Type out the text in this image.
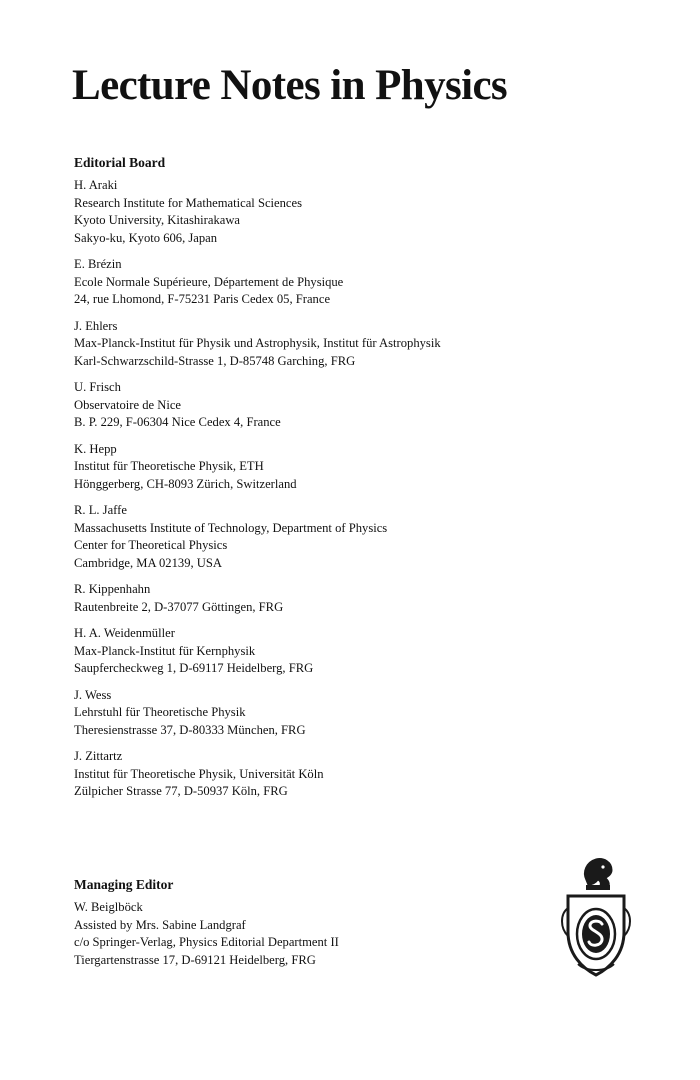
Lecture Notes in Physics
Editorial Board
H. Araki
Research Institute for Mathematical Sciences
Kyoto University, Kitashirakawa
Sakyo-ku, Kyoto 606, Japan
E. Brézin
Ecole Normale Supérieure, Département de Physique
24, rue Lhomond, F-75231 Paris Cedex 05, France
J. Ehlers
Max-Planck-Institut für Physik und Astrophysik, Institut für Astrophysik
Karl-Schwarzschild-Strasse 1, D-85748 Garching, FRG
U. Frisch
Observatoire de Nice
B. P. 229, F-06304 Nice Cedex 4, France
K. Hepp
Institut für Theoretische Physik, ETH
Hönggerberg, CH-8093 Zürich, Switzerland
R. L. Jaffe
Massachusetts Institute of Technology, Department of Physics
Center for Theoretical Physics
Cambridge, MA 02139, USA
R. Kippenhahn
Rautenbreite 2, D-37077 Göttingen, FRG
H. A. Weidenmüller
Max-Planck-Institut für Kernphysik
Saupfercheckweg 1, D-69117 Heidelberg, FRG
J. Wess
Lehrstuhl für Theoretische Physik
Theresienstrasse 37, D-80333 München, FRG
J. Zittartz
Institut für Theoretische Physik, Universität Köln
Zülpicher Strasse 77, D-50937 Köln, FRG
Managing Editor
W. Beiglböck
Assisted by Mrs. Sabine Landgraf
c/o Springer-Verlag, Physics Editorial Department II
Tiergartenstrasse 17, D-69121 Heidelberg, FRG
